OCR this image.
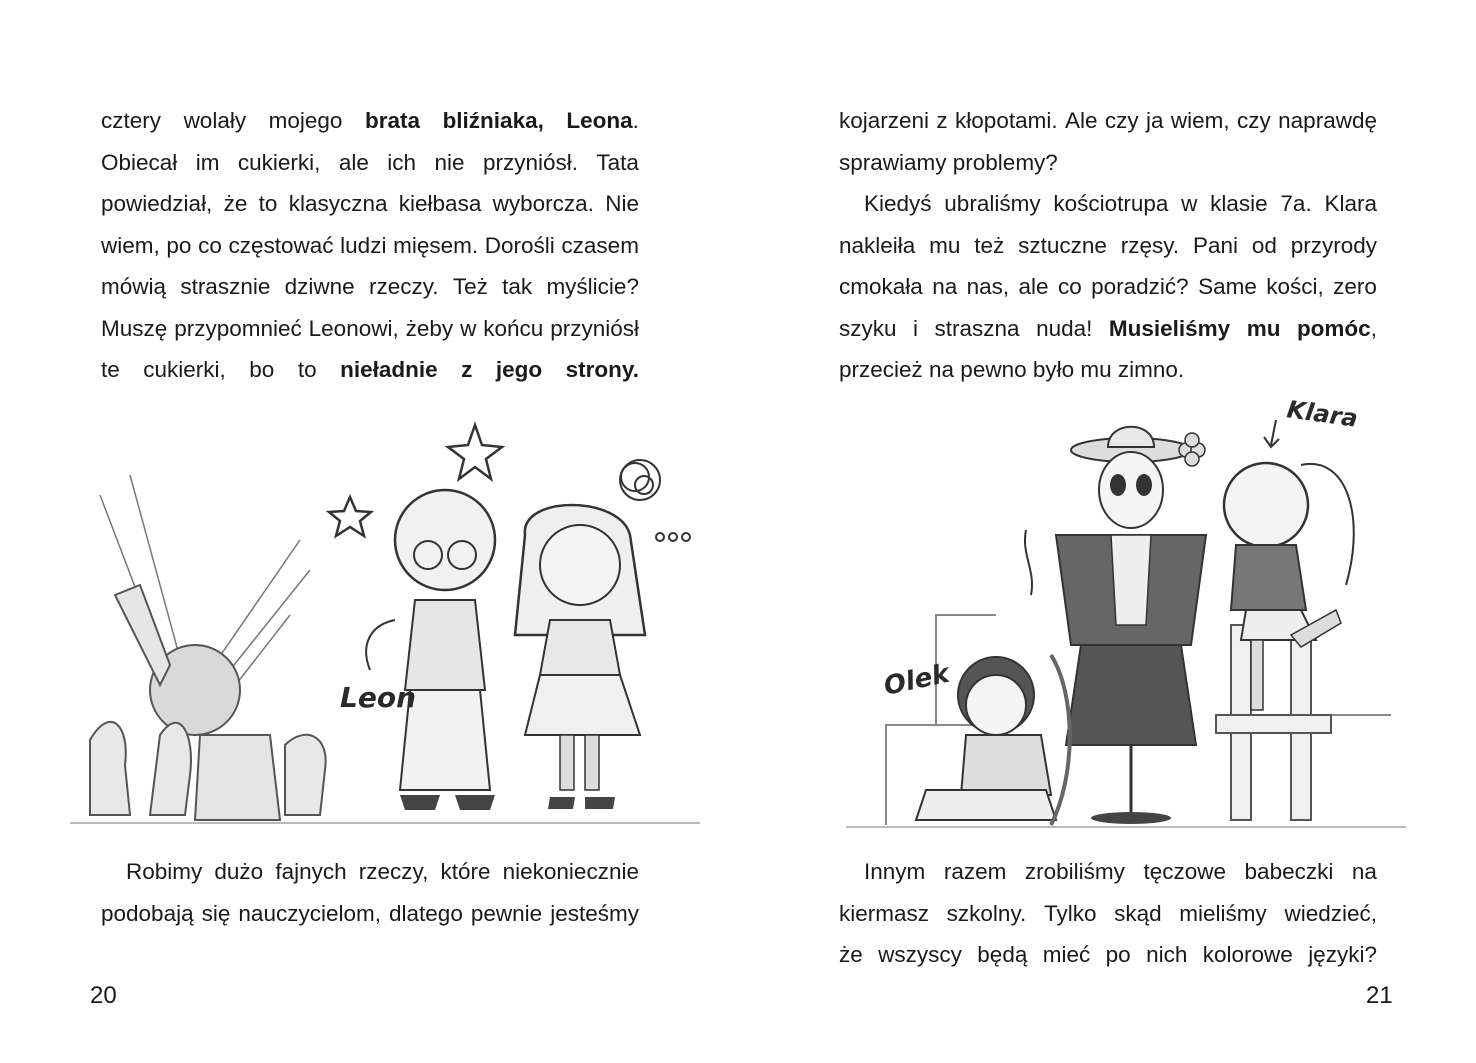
cztery wolały mojego brata bliźniaka, Leona.
Obiecał im cukierki, ale ich nie przyniósł. Tata
powiedział, że to klasyczna kiełbasa wyborcza. Nie
wiem, po co częstować ludzi mięsem. Dorośli czasem
mówią strasznie dziwne rzeczy. Też tak myślicie?
Muszę przypomnieć Leonowi, żeby w końcu przyniósł
te cukierki, bo to nieładnie z jego strony.
Leon
Robimy dużo fajnych rzeczy, które niekoniecznie
podobają się nauczycielom, dlatego pewnie jesteśmy
20
kojarzeni z kłopotami. Ale czy ja wiem, czy naprawdę
sprawiamy problemy?
Kiedyś ubraliśmy kościotrupa w klasie 7a. Klara
nakleiła mu też sztuczne rzęsy. Pani od przyrody
cmokała na nas, ale co poradzić? Same kości, zero
szyku i straszna nuda! Musieliśmy mu pomóc,
przecież na pewno było mu zimno.
Klara
Olek
Innym razem zrobiliśmy tęczowe babeczki na
kiermasz szkolny. Tylko skąd mieliśmy wiedzieć,
że wszyscy będą mieć po nich kolorowe języki?
21
